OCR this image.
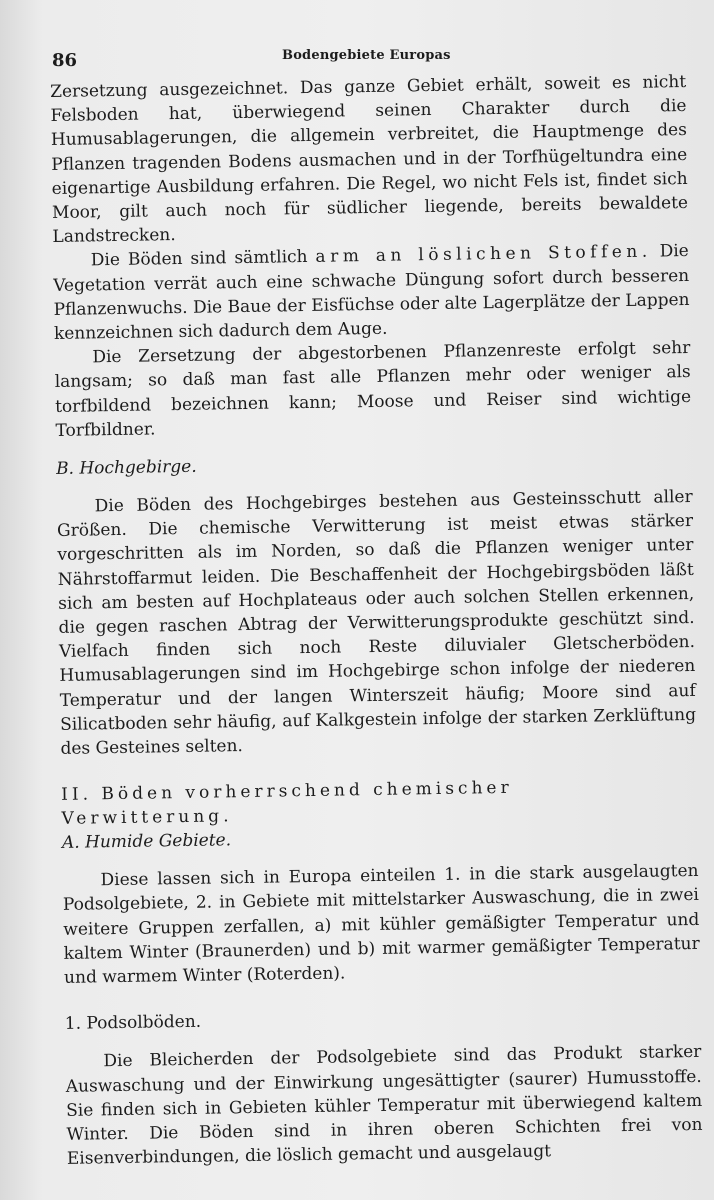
86	Bodengebiete Europas

Zersetzung ausgezeichnet. Das ganze Gebiet erhält, soweit es nicht Felsboden hat, überwiegend seinen Charakter durch die Humusablagerungen, die allgemein verbreitet, die Hauptmenge des Pflanzen tragenden Bodens ausmachen und in der Torfhügeltundra eine eigenartige Ausbildung erfahren. Die Regel, wo nicht Fels ist, findet sich Moor, gilt auch noch für südlicher liegende, bereits bewaldete Landstrecken.

Die Böden sind sämtlich arm an löslichen Stoffen. Die Vegetation verrät auch eine schwache Düngung sofort durch besseren Pflanzenwuchs. Die Baue der Eisfüchse oder alte Lagerplätze der Lappen kennzeichnen sich dadurch dem Auge.

Die Zersetzung der abgestorbenen Pflanzenreste erfolgt sehr langsam; so daß man fast alle Pflanzen mehr oder weniger als torfbildend bezeichnen kann; Moose und Reiser sind wichtige Torfbildner.

B. Hochgebirge.

Die Böden des Hochgebirges bestehen aus Gesteinsschutt aller Größen. Die chemische Verwitterung ist meist etwas stärker vorgeschritten als im Norden, so daß die Pflanzen weniger unter Nährstoffarmut leiden. Die Beschaffenheit der Hochgebirgsböden läßt sich am besten auf Hochplateaus oder auch solchen Stellen erkennen, die gegen raschen Abtrag der Verwitterungsprodukte geschützt sind. Vielfach finden sich noch Reste diluvialer Gletscherböden. Humusablagerungen sind im Hochgebirge schon infolge der niederen Temperatur und der langen Winterszeit häufig; Moore sind auf Silicatboden sehr häufig, auf Kalkgestein infolge der starken Zerklüftung des Gesteines selten.

II. Böden vorherrschend chemischer

Verwitterung.

A. Humide Gebiete.

Diese lassen sich in Europa einteilen 1. in die stark ausgelaugten Podsolgebiete, 2. in Gebiete mit mittelstarker Auswaschung, die in zwei weitere Gruppen zerfallen, a) mit kühler gemäßigter Temperatur und kaltem Winter (Braunerden) und b) mit warmer gemäßigter Temperatur und warmem Winter (Roterden).

1. Podsolböden.

Die Bleicherden der Podsolgebiete sind das Produkt starker Auswaschung und der Einwirkung ungesättigter (saurer) Humusstoffe. Sie finden sich in Gebieten kühler Temperatur mit überwiegend kaltem Winter. Die Böden sind in ihren oberen Schichten frei von Eisenverbindungen, die löslich gemacht und ausgelaugt
